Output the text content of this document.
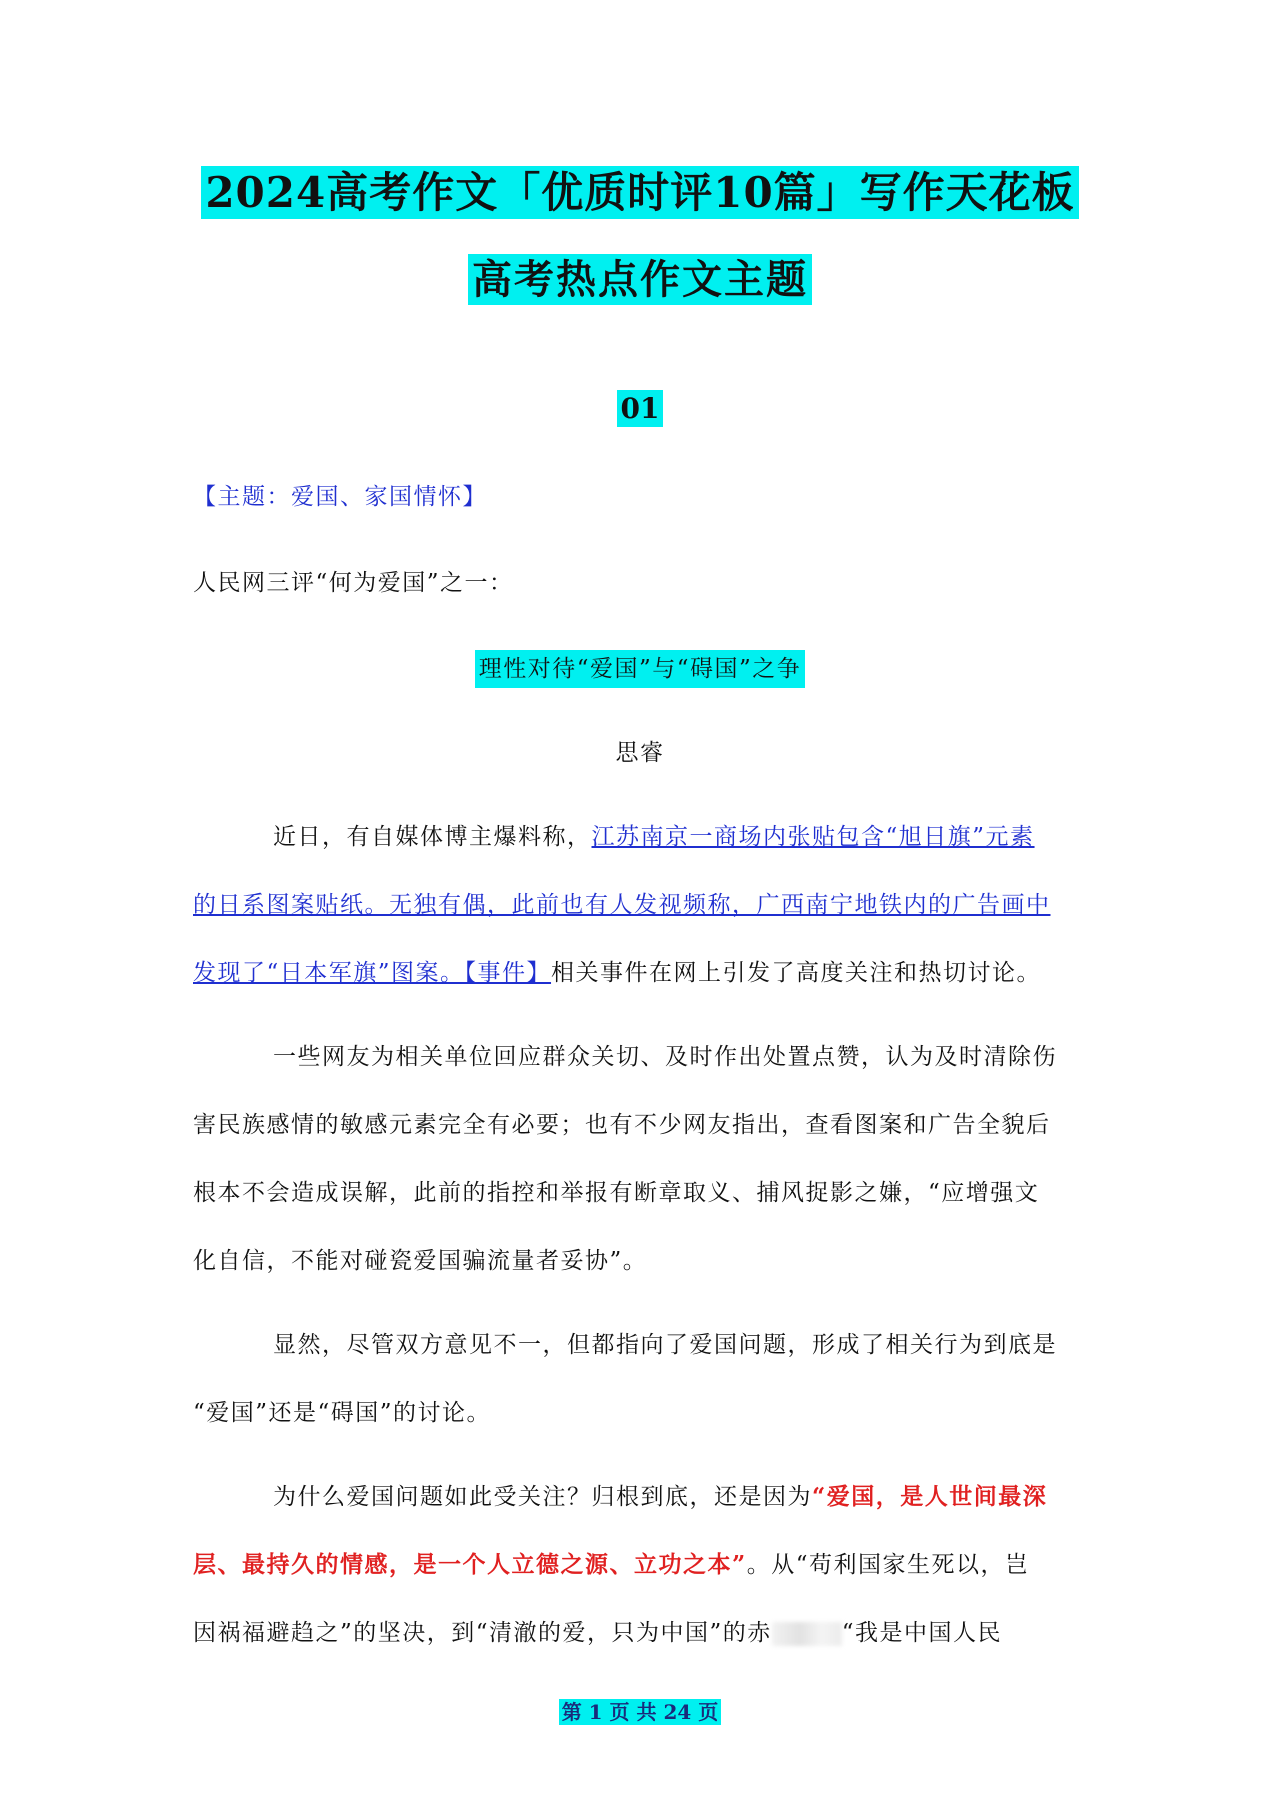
2024高考作文「优质时评10篇」写作天花板
高考热点作文主题
01
【主题：爱国、家国情怀】
人民网三评“何为爱国”之一：
理性对待“爱国”与“碍国”之争
思睿
近日，有自媒体博主爆料称，江苏南京一商场内张贴包含“旭日旗”元素
的日系图案贴纸。无独有偶，此前也有人发视频称，广西南宁地铁内的广告画中
发现了“日本军旗”图案。【事件】相关事件在网上引发了高度关注和热切讨论。
一些网友为相关单位回应群众关切、及时作出处置点赞，认为及时清除伤
害民族感情的敏感元素完全有必要；也有不少网友指出，查看图案和广告全貌后
根本不会造成误解，此前的指控和举报有断章取义、捕风捉影之嫌，“应增强文
化自信，不能对碰瓷爱国骗流量者妥协”。
显然，尽管双方意见不一，但都指向了爱国问题，形成了相关行为到底是
“爱国”还是“碍国”的讨论。
为什么爱国问题如此受关注？归根到底，还是因为“爱国，是人世间最深
层、最持久的情感，是一个人立德之源、立功之本”。从“苟利国家生死以，岂
因祸福避趋之”的坚决，到“清澈的爱，只为中国”的赤	“我是中国人民
第 1 页 共 24 页
